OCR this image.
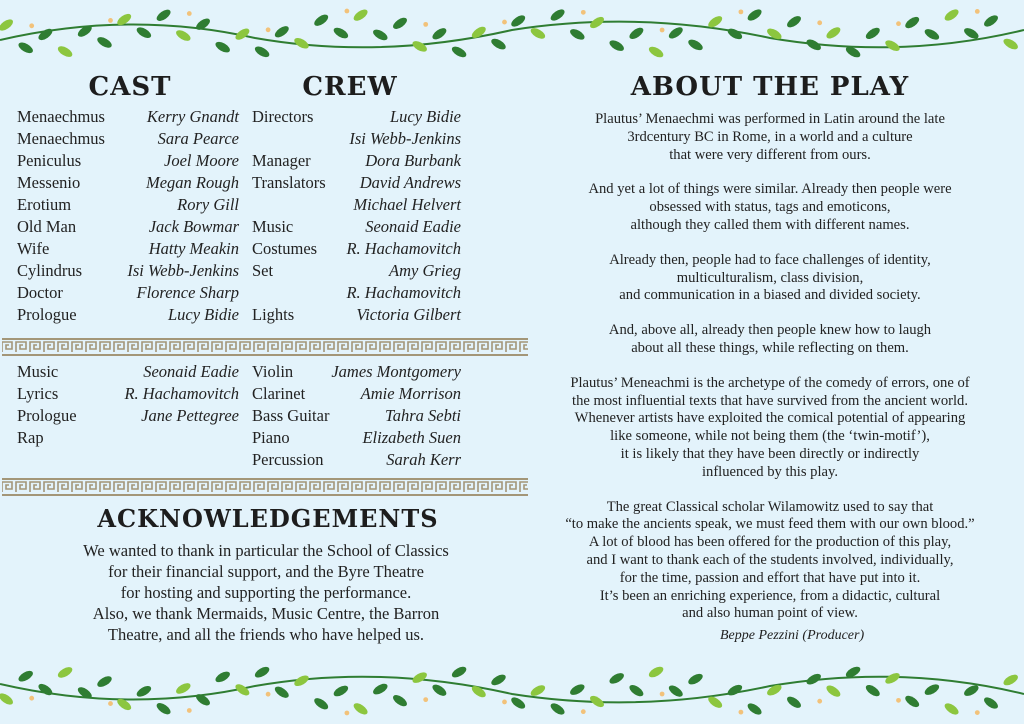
CAST	CREW	ABOUT THE PLAY
ACKNOWLEDGEMENTS
Menaechmus	Kerry Gnandt
Menaechmus	Sara Pearce
Peniculus	Joel Moore
Messenio	Megan Rough
Erotium	Rory Gill
Old Man	Jack Bowmar
Wife	Hatty Meakin
Cylindrus	Isi Webb-Jenkins
Doctor	Florence Sharp
Prologue	Lucy Bidie
Directors	Lucy Bidie
Isi Webb-Jenkins
Manager	Dora Burbank
Translators David Andrews
Michael Helvert
Music	Seonaid Eadie
Costumes R. Hachamovitch
Set	Amy Grieg
R. Hachamovitch
Lights	Victoria Gilbert
Music	Seonaid Eadie
Lyrics	R. Hachamovitch
Prologue	Jane Pettegree
Rap
Violin James Montgomery
Clarinet	Amie Morrison
Bass Guitar	Tahra Sebti
Piano	Elizabeth Suen
Percussion	Sarah Kerr

We wanted to thank in particular the School of Classics

for their financial support, and the Byre Theatre

for hosting and supporting the performance.

Also, we thank Mermaids, Music Centre, the Barron

Theatre, and all the friends who have helped us.

Plautus’ Menaechmi was performed in Latin around the late

3rdcentury BC in Rome, in a world and a culture

that were very different from ours.

And yet a lot of things were similar. Already then people were

obsessed with status, tags and emoticons,

although they called them with different names.

Already then, people had to face challenges of identity,

multiculturalism, class division,

and communication in a biased and divided society.

And, above all, already then people knew how to laugh

about all these things, while reflecting on them.

Plautus’ Meneachmi is the archetype of the comedy of errors, one of

the most influential texts that have survived from the ancient world.

Whenever artists have exploited the comical potential of appearing

like someone, while not being them (the ‘twin-motif’),

it is likely that they have been directly or indirectly

influenced by this play.

The great Classical scholar Wilamowitz used to say that

“to make the ancients speak, we must feed them with our own blood.”

A lot of blood has been offered for the production of this play,

and I want to thank each of the students involved, individually,

for the time, passion and effort that have put into it.

It’s been an enriching experience, from a didactic, cultural

and also human point of view.

Beppe Pezzini (Producer)
